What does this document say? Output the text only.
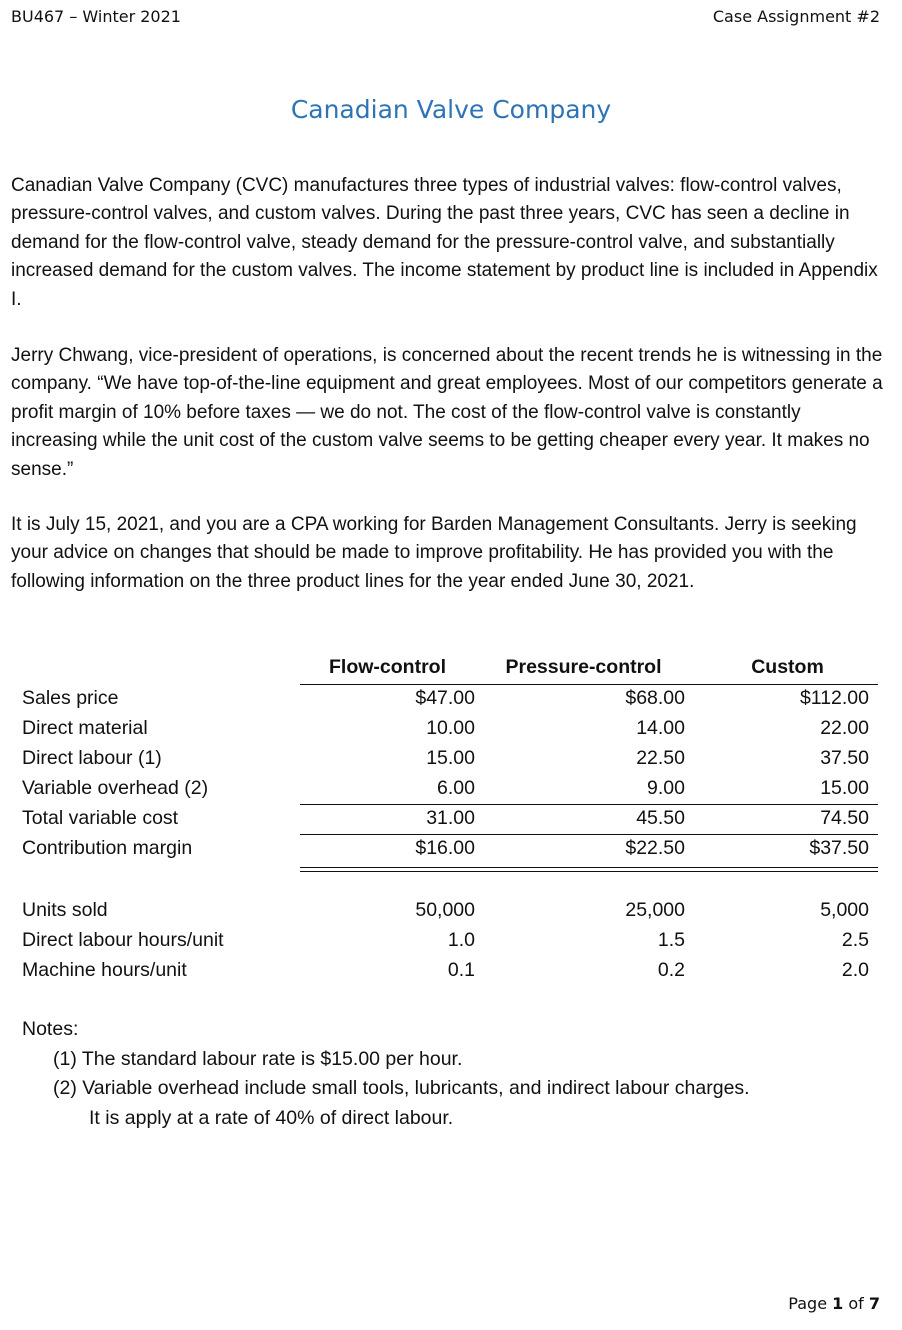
BU467 – Winter 2021	Case Assignment #2
Canadian Valve Company

Canadian Valve Company (CVC) manufactures three types of industrial valves: flow-control valves, pressure-control valves, and custom valves. During the past three years, CVC has seen a decline in demand for the flow-control valve, steady demand for the pressure-control valve, and substantially increased demand for the custom valves. The income statement by product line is included in Appendix I.

Jerry Chwang, vice-president of operations, is concerned about the recent trends he is witnessing in the company. “We have top-of-the-line equipment and great employees. Most of our competitors generate a profit margin of 10% before taxes — we do not. The cost of the flow-control valve is constantly increasing while the unit cost of the custom valve seems to be getting cheaper every year. It makes no sense.”

It is July 15, 2021, and you are a CPA working for Barden Management Consultants. Jerry is seeking your advice on changes that should be made to improve profitability. He has provided you with the following information on the three product lines for the year ended June 30, 2021.

Flow-control	Pressure-control	Custom
Sales price	$47.00	$68.00	$112.00
Direct material	10.00	14.00	22.00
Direct labour (1)	15.00	22.50	37.50
Variable overhead (2)	6.00	9.00	15.00
Total variable cost	31.00	45.50	74.50
Contribution margin	$16.00	$22.50	$37.50
Units sold	50,000	25,000	5,000
Direct labour hours/unit	1.0	1.5	2.5
Machine hours/unit	0.1	0.2	2.0
Notes:
(1) The standard labour rate is $15.00 per hour.
(2) Variable overhead include small tools, lubricants, and indirect labour charges.
It is apply at a rate of 40% of direct labour.
Page 1 of 7
